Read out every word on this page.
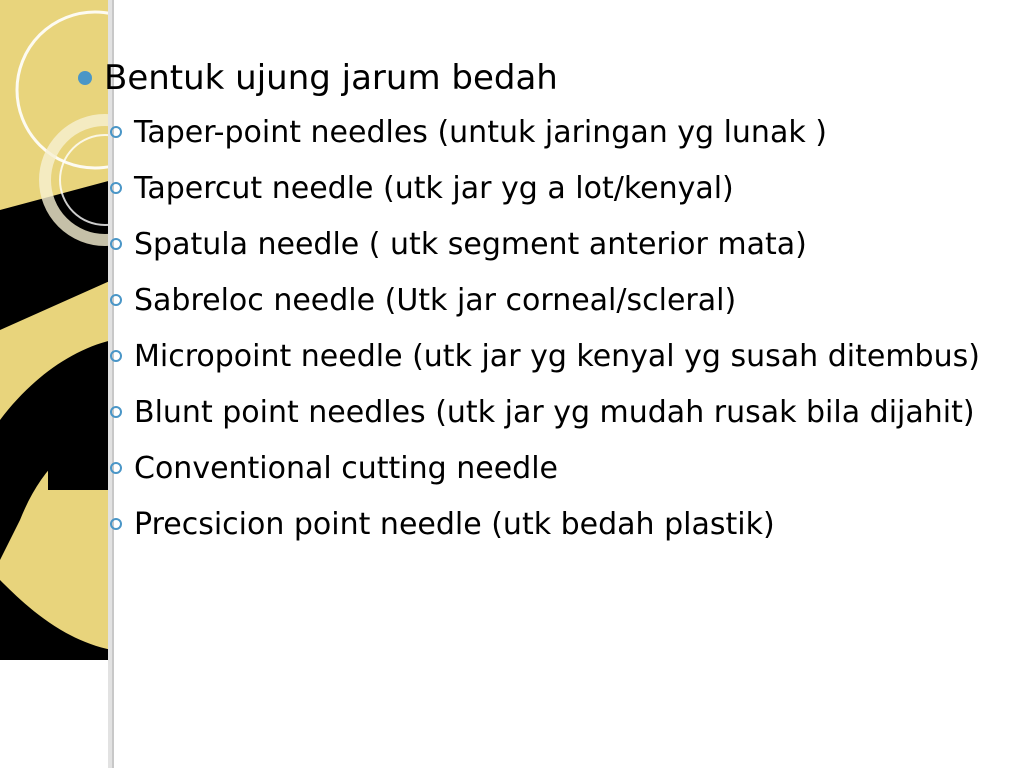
Bentuk ujung jarum bedah
Taper-point needles (untuk jaringan yg lunak )
Tapercut needle (utk jar yg a lot/kenyal)
Spatula needle ( utk segment anterior mata)
Sabreloc needle (Utk jar corneal/scleral)
Micropoint needle (utk jar yg kenyal yg susah ditembus)
Blunt point needles (utk jar yg mudah rusak bila dijahit)
Conventional cutting needle
Precsicion point needle (utk bedah plastik)
